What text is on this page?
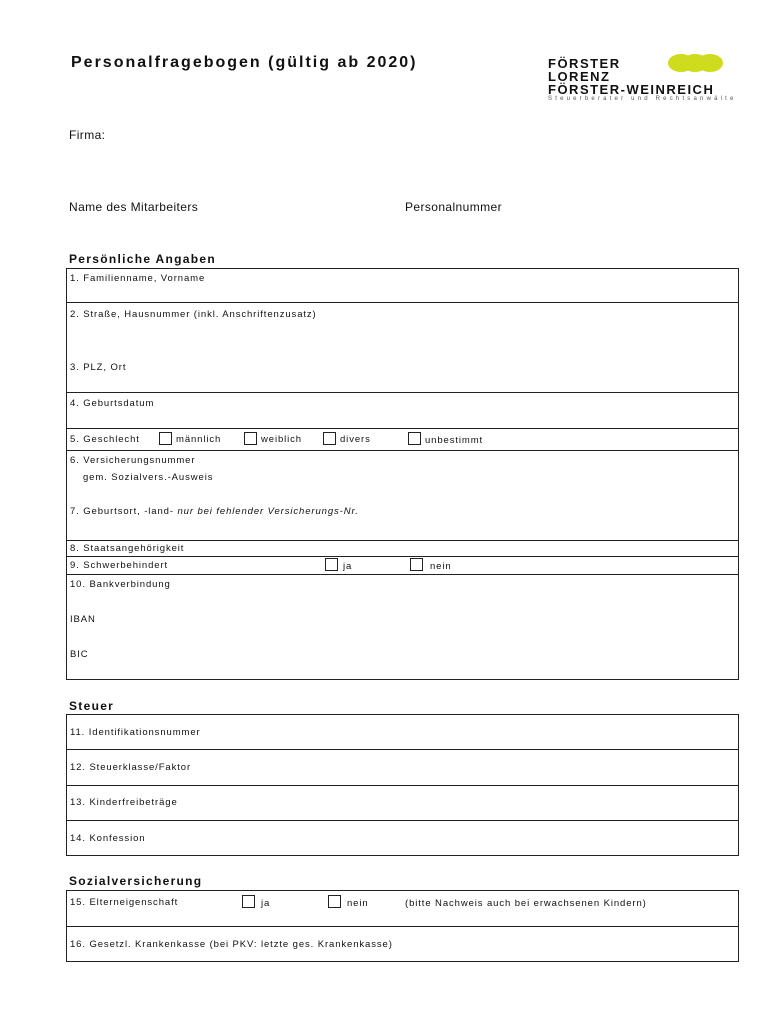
Personalfragebogen (gültig ab 2020)	FÖRSTER
LORENZ
FÖRSTER-WEINREICH
Steuerberater und Rechtsanwälte
Firma:
Name des Mitarbeiters	Personalnummer
Persönliche Angaben
1. Familienname, Vorname
2. Straße, Hausnummer (inkl. Anschriftenzusatz)
3. PLZ, Ort
4. Geburtsdatum
5. Geschlecht	männlich	weiblich	divers	unbestimmt
6. Versicherungsnummer
gem. Sozialvers.-Ausweis
7. Geburtsort, -land- nur bei fehlender Versicherungs-Nr.
8. Staatsangehörigkeit
9. Schwerbehindert	ja	nein
10. Bankverbindung
IBAN
BIC
Steuer
11. Identifikationsnummer
12. Steuerklasse/Faktor
13. Kinderfreibeträge
14. Konfession
Sozialversicherung
15. Elterneigenschaft	ja	nein	(bitte Nachweis auch bei erwachsenen Kindern)
16. Gesetzl. Krankenkasse (bei PKV: letzte ges. Krankenkasse)
